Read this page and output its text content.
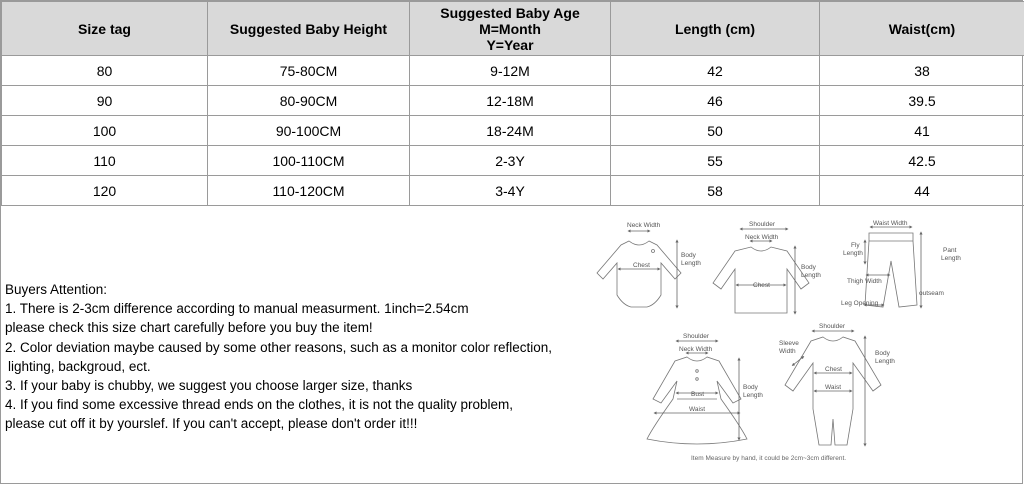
Size tag	Suggested Baby Height	Suggested Baby Age
M=Month
Y=Year	Length (cm)	Waist(cm)

80	75-80CM	9-12M	42	38
90	80-90CM	12-18M	46	39.5
100	90-100CM	18-24M	50	41
110	100-110CM	2-3Y	55	42.5
120	110-120CM	3-4Y	58	44
Buyers Attention:
1. There is 2-3cm difference according to manual measurment. 1inch=2.54cm
please check this size chart carefully before you buy the item!
2. Color deviation maybe caused by some other reasons, such as a monitor color reflection,
lighting, backgroud, ect.
3. If your baby is chubby, we suggest you choose larger size, thanks
4. If you find some excessive thread ends on the clothes, it is not the quality problem,
please cut off it by yourslef. If you can't accept, please don't order it!!!
Neck Width
Chest
Body
Length
Shoulder
Neck Width
Chest
Body
Length
Waist Width
Fly
Length	Pant
Length
Thigh Width
Leg Opening
outseam
Shoulder
Neck Width
Bust
Waist
Body
Length
Shoulder
Sleeve
Width
Chest
Waist
Body
Length
Item Measure by hand, it could be 2cm~3cm different.
